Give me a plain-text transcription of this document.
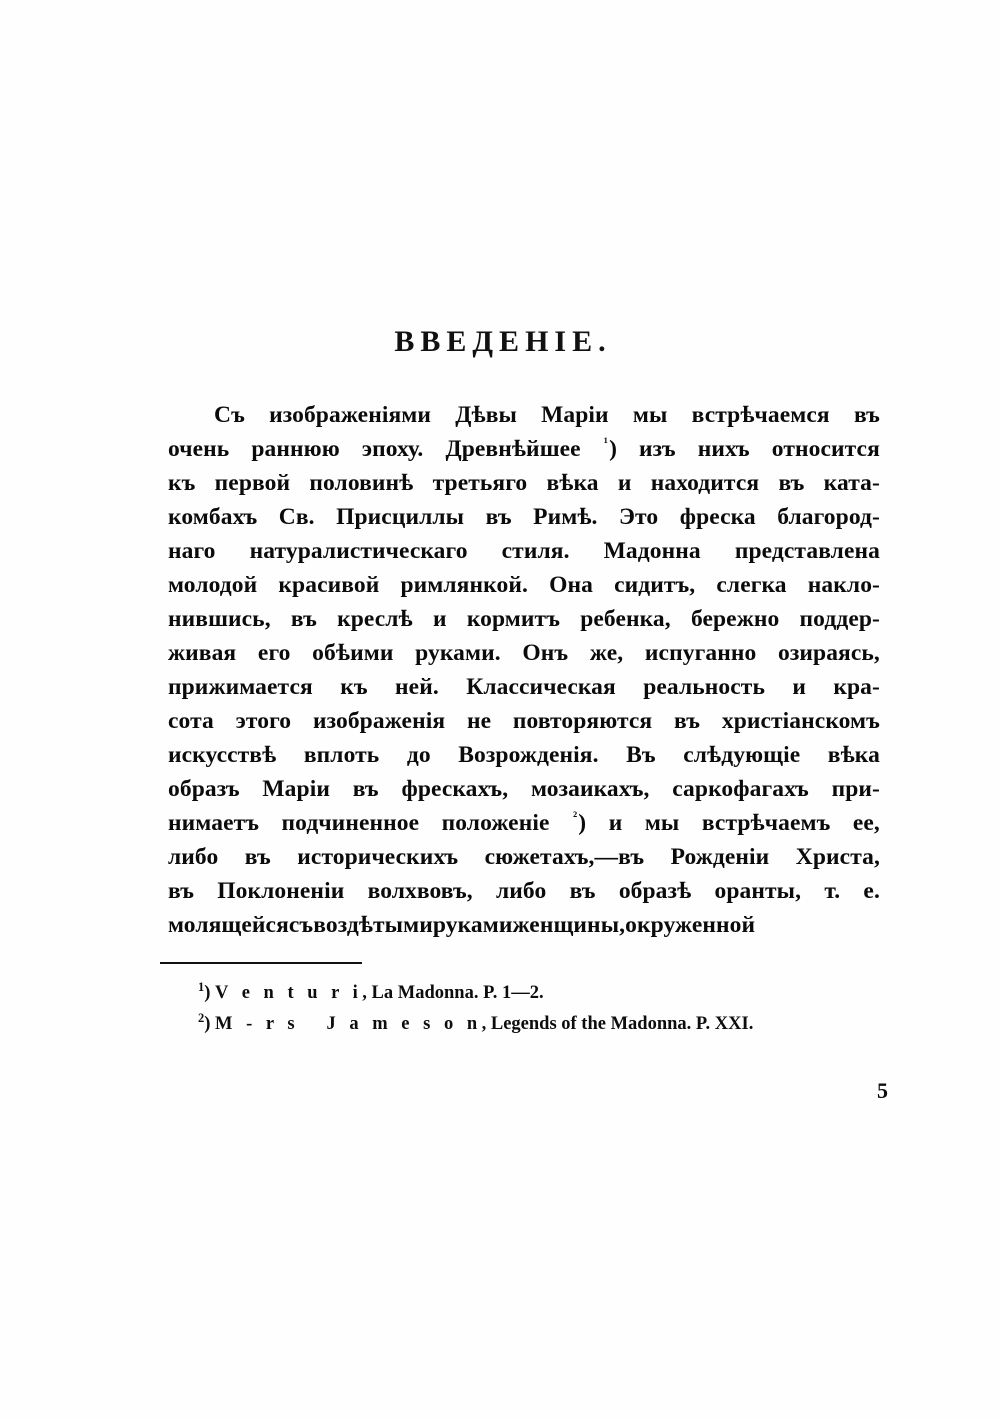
ВВЕДЕНІЕ.
Съ изображеніями Дѣвы Маріи мы встрѣчаемся въ
очень раннюю эпоху. Древнѣйшее $^{^1}$) изъ нихъ относится
къ первой половинѣ третьяго вѣка и находится въ ката-
комбахъ Св. Присциллы въ Римѣ. Это фреска благород-
наго натуралистическаго стиля. Мадонна представлена
молодой красивой римлянкой. Она сидитъ, слегка накло-
нившись, въ креслѣ и кормитъ ребенка, бережно поддер-
живая его обѣими руками. Онъ же, испуганно озираясь,
прижимается къ ней. Классическая реальность и кра-
сота этого изображенія не повторяются въ христіанскомъ
искусствѣ вплоть до Возрожденія. Въ слѣдующіе вѣка
образъ Маріи въ фрескахъ, мозаикахъ, саркофагахъ при-
нимаетъ подчиненное положеніе $^{^2}$) и мы встрѣчаемъ ее,
либо въ историческихъ сюжетахъ,—въ Рожденіи Христа,
въ Поклоненіи волхвовъ, либо въ образѣ оранты, т. е.
молящейся съ воздѣтыми руками женщины, окруженной
$^1$) V e n t u r i, La Madonna. P. 1—2.
$^2$) M - r s   J a m e s o n, Legends of the Madonna. P. XXI.
5
